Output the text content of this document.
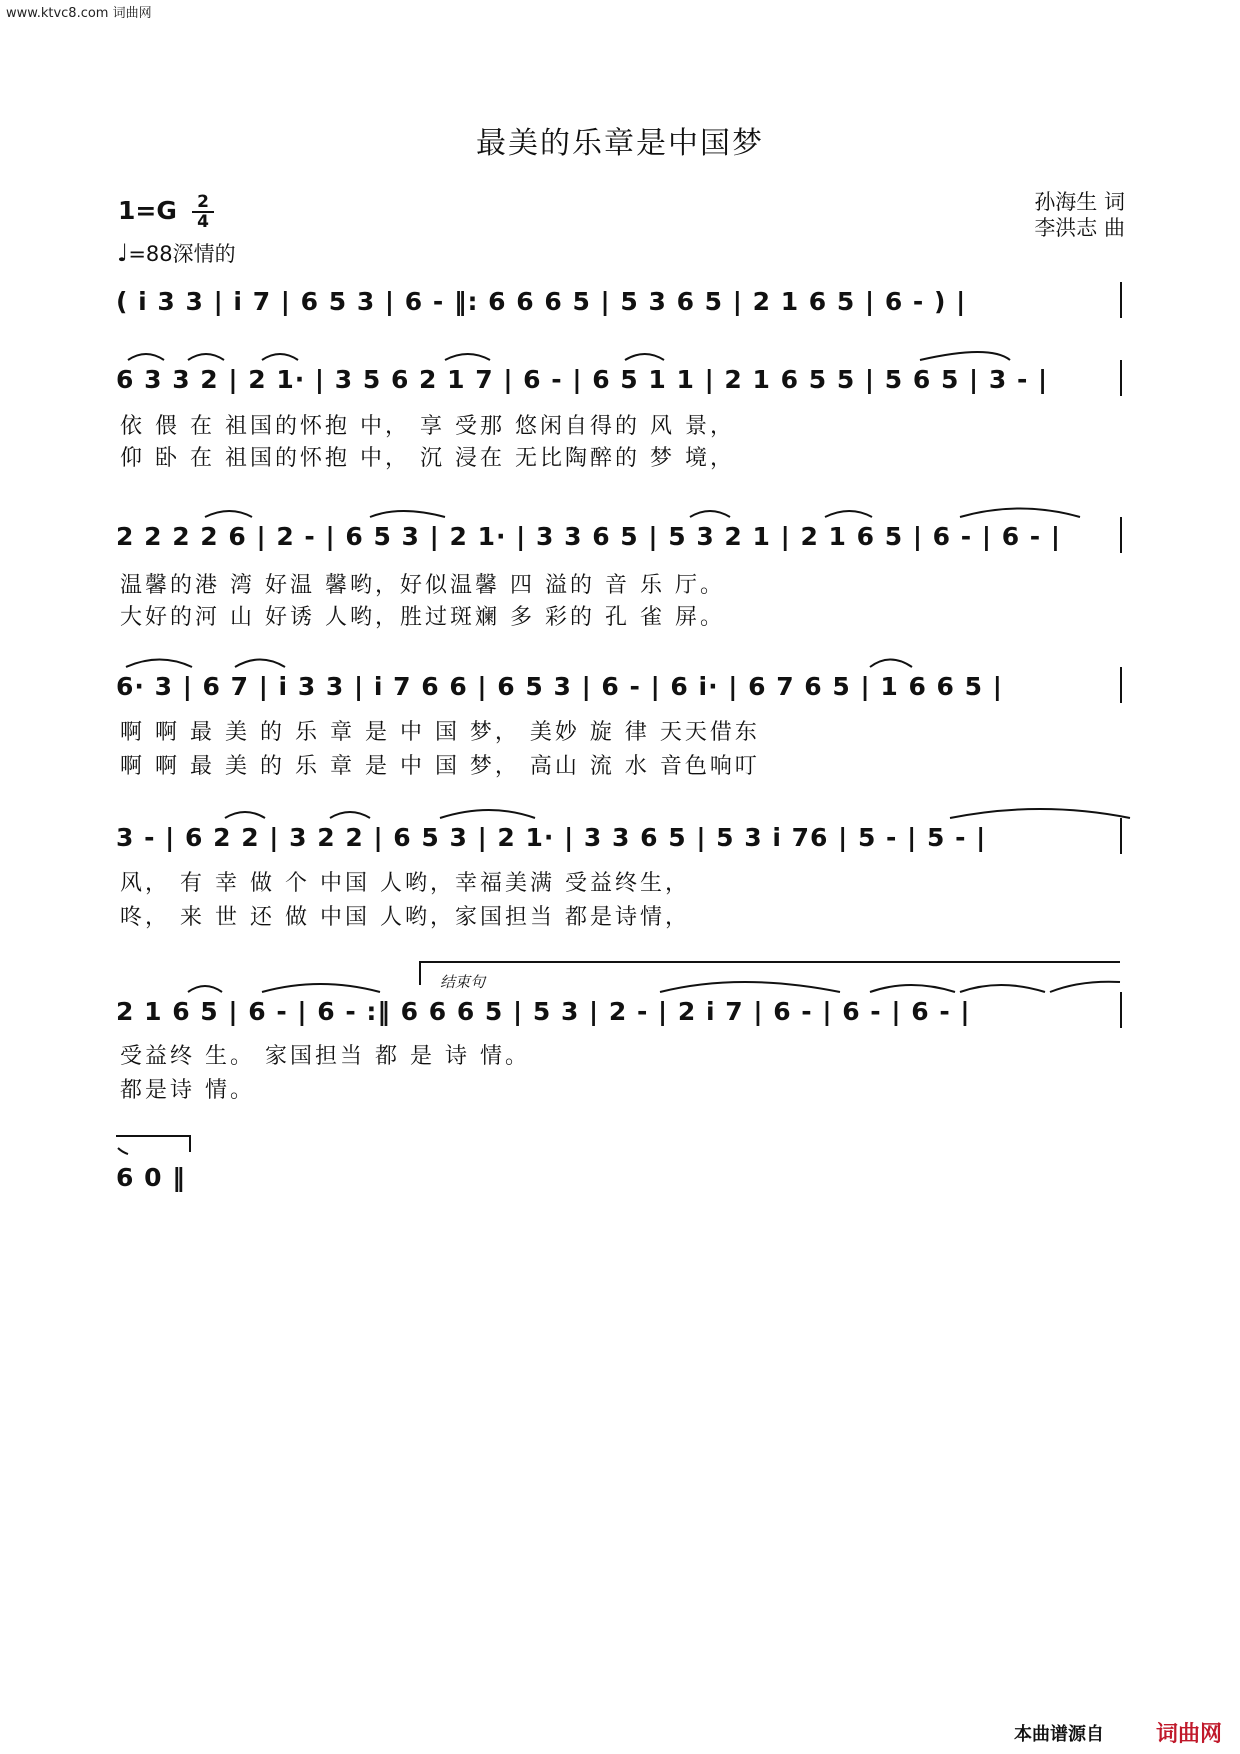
www.ktvc8.com 词曲网
最美的乐章是中国梦
孙海生 词
李洪志 曲
1=G 2
4
♩=88深情的
( i 3 3 | i 7 | 6 5 3 | 6 - ‖: 6 6 6 5 | 5 3 6 5 | 2 1 6 5 | 6 - ) |
6 3 3 2 | 2 1· | 3 5 6 2 1 7 | 6 - | 6 5 1 1 | 2 1 6 5 5 | 5 6 5 | 3 - |
依 偎 在 祖国的怀抱 中， 享 受那 悠闲自得的 风 景，
仰 卧 在 祖国的怀抱 中， 沉 浸在 无比陶醉的 梦 境，
2 2 2 2 6 | 2 - | 6 5 3 | 2 1· | 3 3 6 5 | 5 3 2 1 | 2 1 6 5 | 6 - | 6 - |
温馨的港 湾 好温 馨哟，好似温馨 四 溢的 音 乐 厅。
大好的河 山 好诱 人哟，胜过斑斓 多 彩的 孔 雀 屏。
6· 3 | 6 7 | i 3 3 | i 7 6 6 | 6 5 3 | 6 - | 6 i· | 6 7 6 5 | 1 6 6 5 |
啊 啊 最 美 的 乐 章 是 中 国 梦， 美妙 旋 律 天天借东
啊 啊 最 美 的 乐 章 是 中 国 梦， 高山 流 水 音色响叮
3 - | 6 2 2 | 3 2 2 | 6 5 3 | 2 1· | 3 3 6 5 | 5 3 i 76 | 5 - | 5 - |
风， 有 幸 做 个 中国 人哟，幸福美满 受益终生，
咚， 来 世 还 做 中国 人哟，家国担当 都是诗情，
结束句
2 1 6 5 | 6 - | 6 - :‖ 6 6 6 5 | 5 3 | 2 - | 2 i 7 | 6 - | 6 - | 6 - |
受益终 生。 家国担当 都 是 诗 情。
都是诗 情。
6 0 ‖
本曲谱源自 词曲网
